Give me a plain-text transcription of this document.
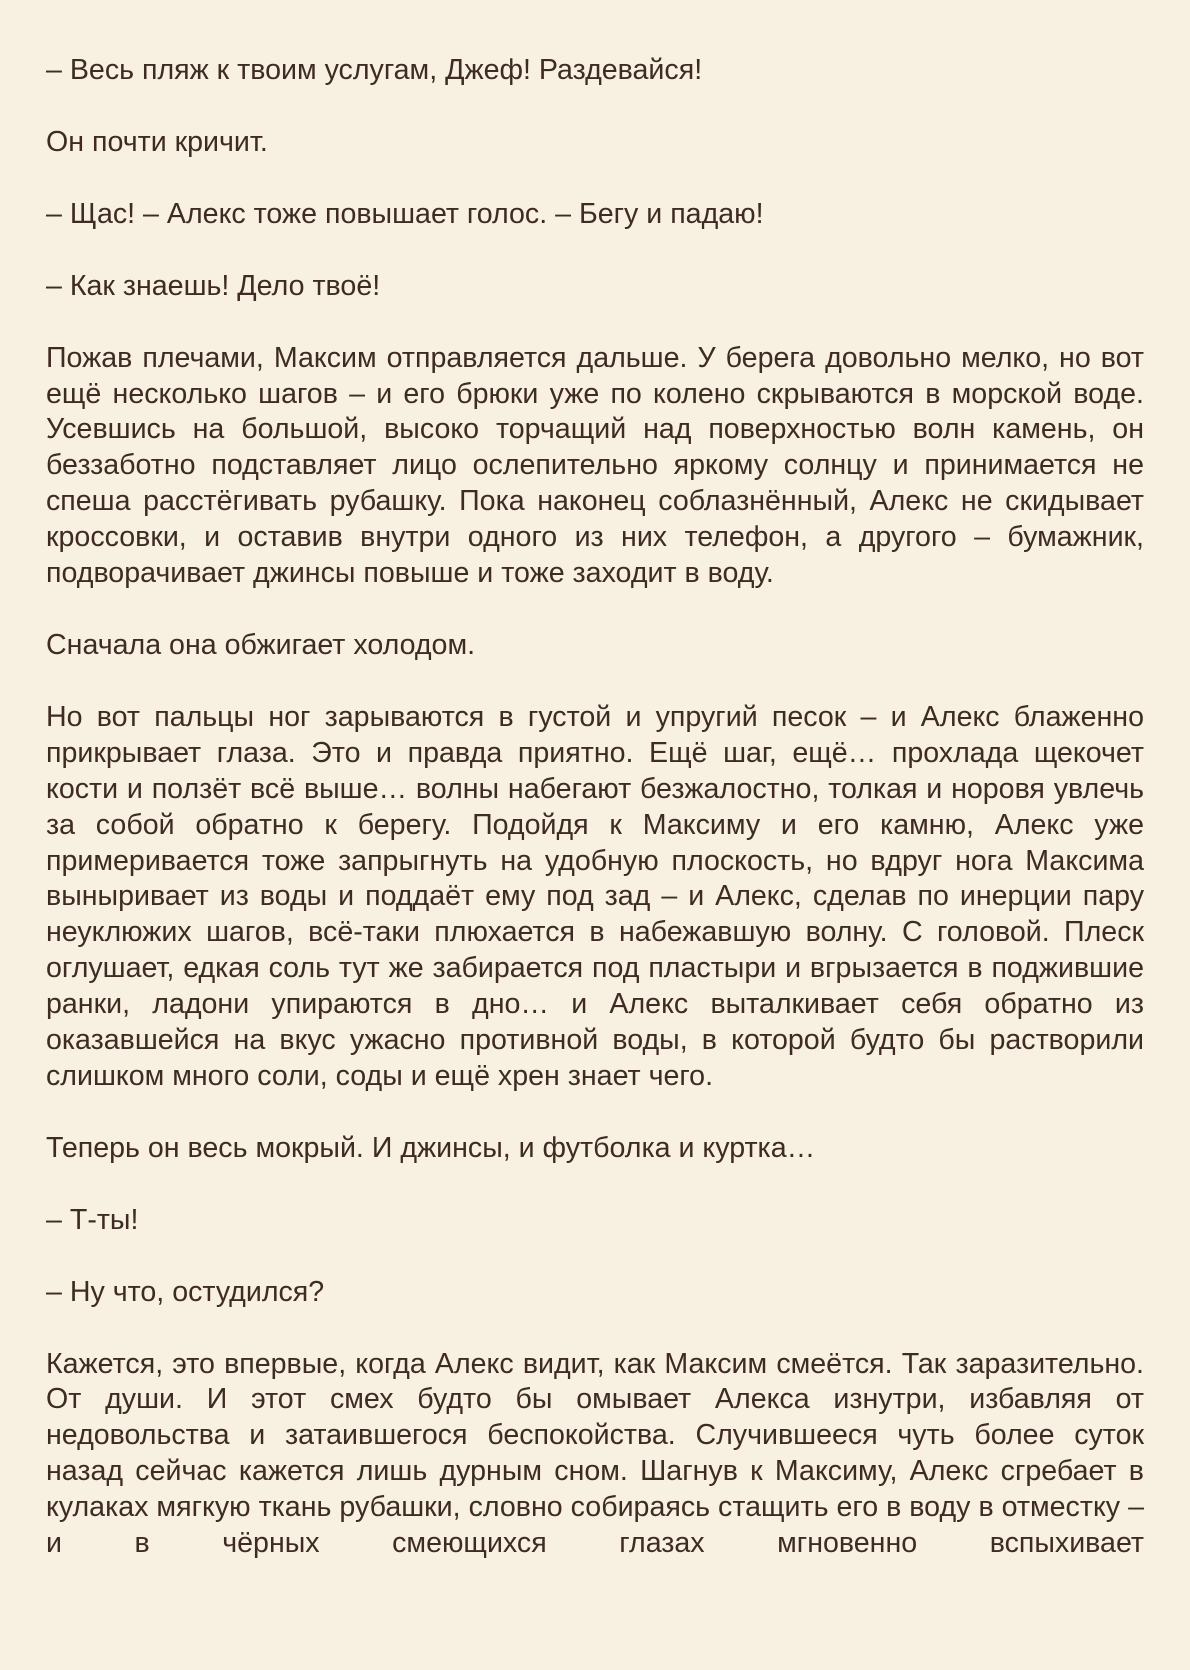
– Весь пляж к твоим услугам, Джеф! Раздевайся!

Он почти кричит.

– Щас! – Алекс тоже повышает голос. – Бегу и падаю!

– Как знаешь! Дело твоё!

Пожав плечами, Максим отправляется дальше. У берега довольно мелко, но вот ещё несколько шагов – и его брюки уже по колено скрываются в морской воде. Усевшись на большой, высоко торчащий над поверхностью волн камень, он беззаботно подставляет лицо ослепительно яркому солнцу и принимается не спеша расстёгивать рубашку. Пока наконец соблазнённый, Алекс не скидывает кроссовки, и оставив внутри одного из них телефон, а другого – бумажник, подворачивает джинсы повыше и тоже заходит в воду.

Сначала она обжигает холодом.

Но вот пальцы ног зарываются в густой и упругий песок – и Алекс блаженно прикрывает глаза. Это и правда приятно. Ещё шаг, ещё… прохлада щекочет кости и ползёт всё выше… волны набегают безжалостно, толкая и норовя увлечь за собой обратно к берегу. Подойдя к Максиму и его камню, Алекс уже примеривается тоже запрыгнуть на удобную плоскость, но вдруг нога Максима выныривает из воды и поддаёт ему под зад – и Алекс, сделав по инерции пару неуклюжих шагов, всё-таки плюхается в набежавшую волну. С головой. Плеск оглушает, едкая соль тут же забирается под пластыри и вгрызается в поджившие ранки, ладони упираются в дно… и Алекс выталкивает себя обратно из оказавшейся на вкус ужасно противной воды, в которой будто бы растворили слишком много соли, соды и ещё хрен знает чего.

Теперь он весь мокрый. И джинсы, и футболка и куртка…

– Т-ты!

– Ну что, остудился?

Кажется, это впервые, когда Алекс видит, как Максим смеётся. Так заразительно. От души. И этот смех будто бы омывает Алекса изнутри, избавляя от недовольства и затаившегося беспокойства. Случившееся чуть более суток назад сейчас кажется лишь дурным сном. Шагнув к Максиму, Алекс сгребает в кулаках мягкую ткань рубашки, словно собираясь стащить его в воду в отместку – и в чёрных смеющихся глазах мгновенно вспыхивает
